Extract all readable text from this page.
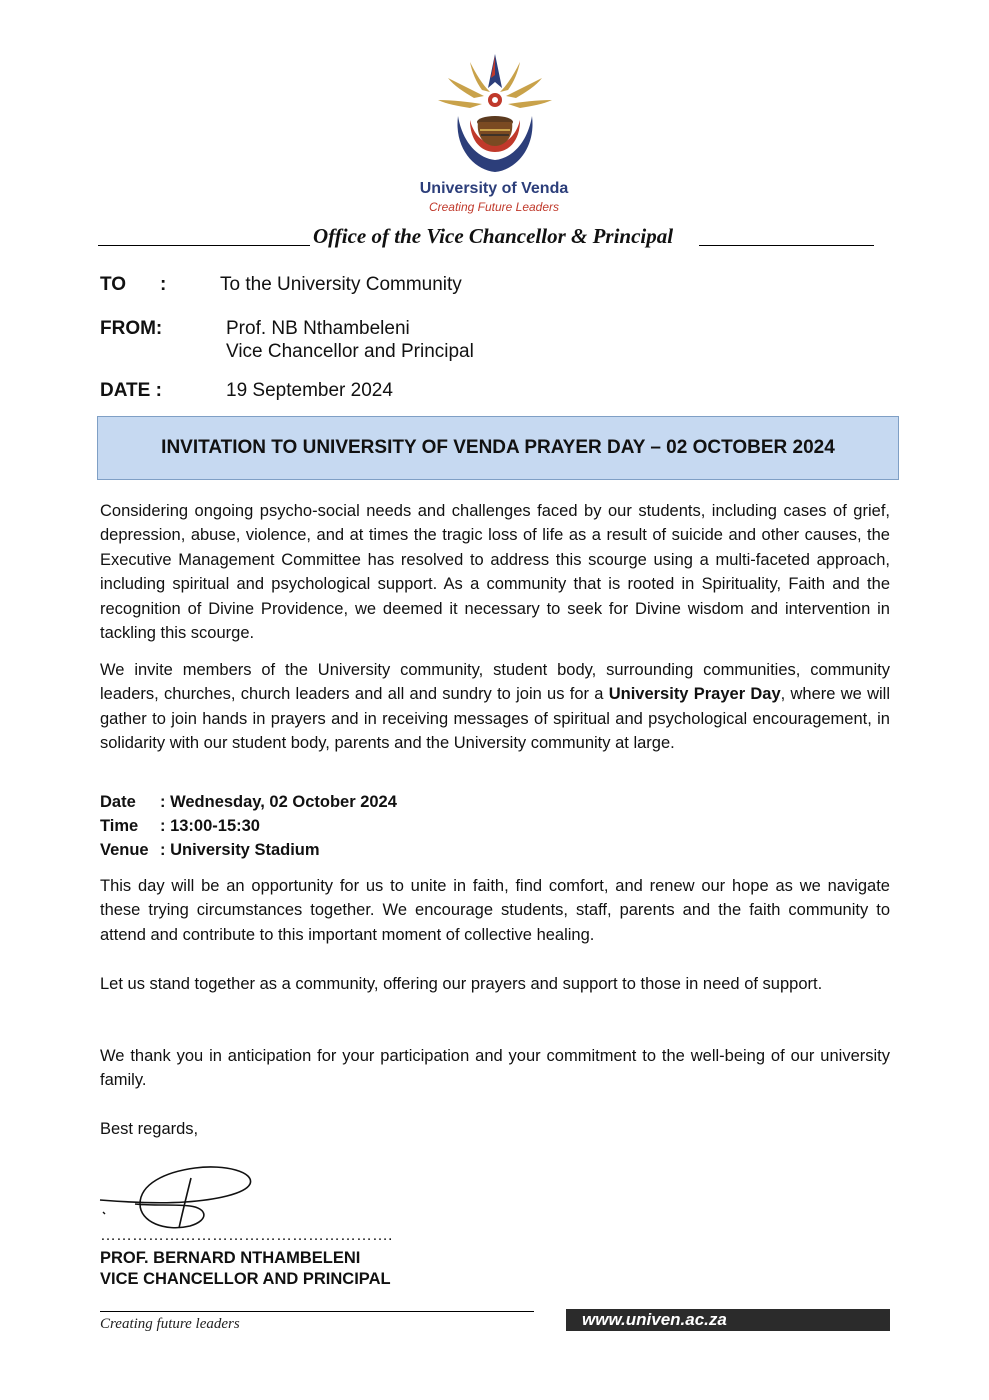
University of Venda
Creating Future Leaders
Office of the Vice Chancellor & Principal
TO :	To the University Community
FROM:	Prof. NB Nthambeleni
Vice Chancellor and Principal
DATE :	19 September 2024
INVITATION TO UNIVERSITY OF VENDA PRAYER DAY – 02 OCTOBER 2024
Considering ongoing psycho-social needs and challenges faced by our students, including cases of grief, depression, abuse, violence, and at times the tragic loss of life as a result of suicide and other causes, the Executive Management Committee has resolved to address this scourge using a multi-faceted approach, including spiritual and psychological support. As a community that is rooted in Spirituality, Faith and the recognition of Divine Providence, we deemed it necessary to seek for Divine wisdom and intervention in tackling this scourge.
We invite members of the University community, student body, surrounding communities, community leaders, churches, church leaders and all and sundry to join us for a University Prayer Day, where we will gather to join hands in prayers and in receiving messages of spiritual and psychological encouragement, in solidarity with our student body, parents and the University community at large.
Date : Wednesday, 02 October 2024
Time : 13:00-15:30
Venue : University Stadium
This day will be an opportunity for us to unite in faith, find comfort, and renew our hope as we navigate these trying circumstances together. We encourage students, staff, parents and the faith community to attend and contribute to this important moment of collective healing.
Let us stand together as a community, offering our prayers and support to those in need of support.
We thank you in anticipation for your participation and your commitment to the well-being of our university family.
Best regards,
……………………………………………….
PROF. BERNARD NTHAMBELENI
VICE CHANCELLOR AND PRINCIPAL
Creating future leaders	www.univen.ac.za
